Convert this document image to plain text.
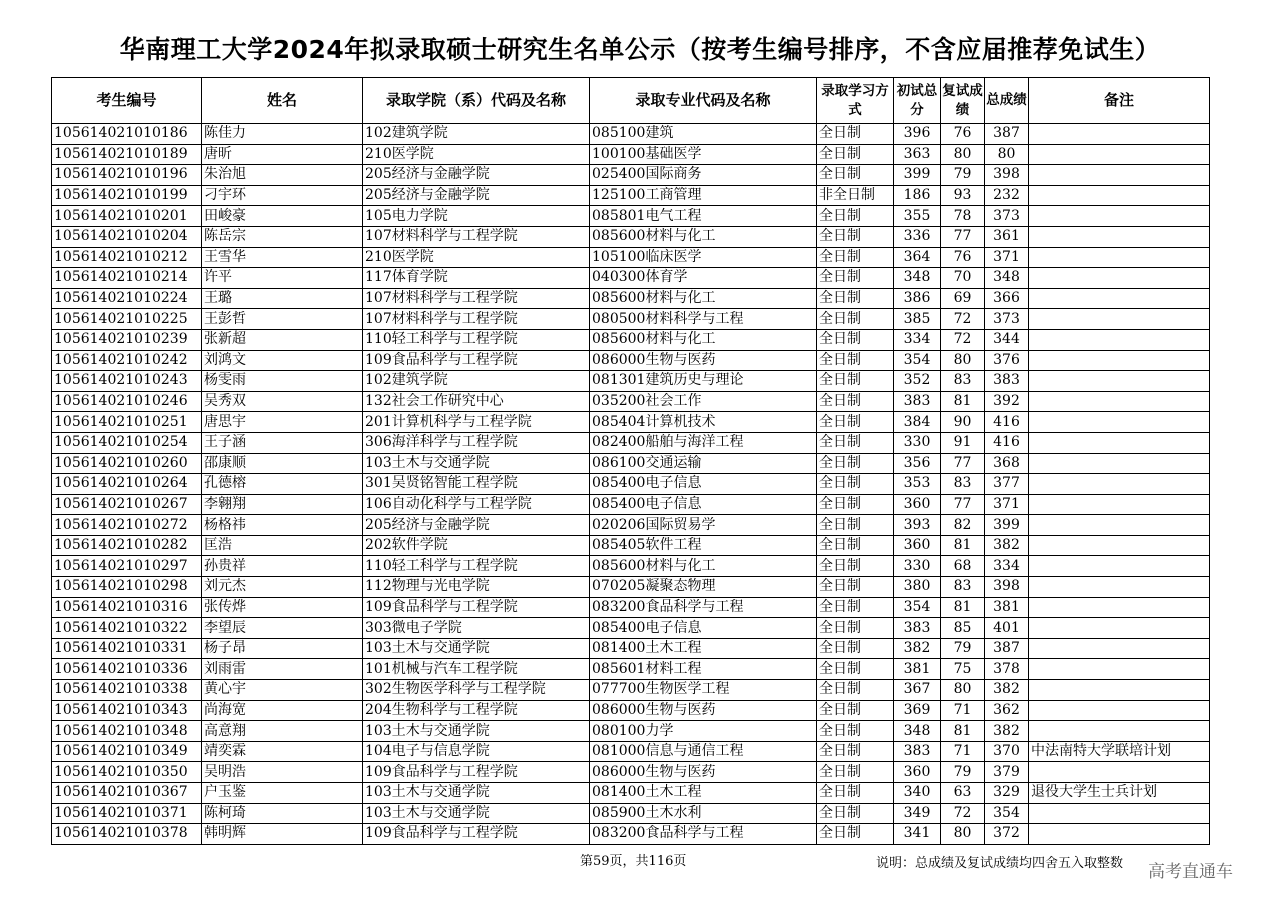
华南理工大学2024年拟录取硕士研究生名单公示（按考生编号排序，不含应届推荐免试生）
考生编号	姓名	录取学院（系）代码及名称	录取专业代码及名称	录取学习方式	初试总分	复试成绩	总成绩	备注
105614021010186	陈佳力	102建筑学院	085100建筑	全日制	396	76	387	
105614021010189	唐昕	210医学院	100100基础医学	全日制	363	80	80	
105614021010196	朱治旭	205经济与金融学院	025400国际商务	全日制	399	79	398	
105614021010199	刁宇环	205经济与金融学院	125100工商管理	非全日制	186	93	232	
105614021010201	田峻豪	105电力学院	085801电气工程	全日制	355	78	373	
105614021010204	陈岳宗	107材料科学与工程学院	085600材料与化工	全日制	336	77	361	
105614021010212	王雪华	210医学院	105100临床医学	全日制	364	76	371	
105614021010214	许平	117体育学院	040300体育学	全日制	348	70	348	
105614021010224	王璐	107材料科学与工程学院	085600材料与化工	全日制	386	69	366	
105614021010225	王彭哲	107材料科学与工程学院	080500材料科学与工程	全日制	385	72	373	
105614021010239	张新超	110轻工科学与工程学院	085600材料与化工	全日制	334	72	344	
105614021010242	刘鸿文	109食品科学与工程学院	086000生物与医药	全日制	354	80	376	
105614021010243	杨雯雨	102建筑学院	081301建筑历史与理论	全日制	352	83	383	
105614021010246	吴秀双	132社会工作研究中心	035200社会工作	全日制	383	81	392	
105614021010251	唐思宇	201计算机科学与工程学院	085404计算机技术	全日制	384	90	416	
105614021010254	王子涵	306海洋科学与工程学院	082400船舶与海洋工程	全日制	330	91	416	
105614021010260	邵康顺	103土木与交通学院	086100交通运输	全日制	356	77	368	
105614021010264	孔德榕	301吴贤铭智能工程学院	085400电子信息	全日制	353	83	377	
105614021010267	李翱翔	106自动化科学与工程学院	085400电子信息	全日制	360	77	371	
105614021010272	杨格祎	205经济与金融学院	020206国际贸易学	全日制	393	82	399	
105614021010282	匡浩	202软件学院	085405软件工程	全日制	360	81	382	
105614021010297	孙贵祥	110轻工科学与工程学院	085600材料与化工	全日制	330	68	334	
105614021010298	刘元杰	112物理与光电学院	070205凝聚态物理	全日制	380	83	398	
105614021010316	张传烨	109食品科学与工程学院	083200食品科学与工程	全日制	354	81	381	
105614021010322	李望辰	303微电子学院	085400电子信息	全日制	383	85	401	
105614021010331	杨子昂	103土木与交通学院	081400土木工程	全日制	382	79	387	
105614021010336	刘雨雷	101机械与汽车工程学院	085601材料工程	全日制	381	75	378	
105614021010338	黄心宇	302生物医学科学与工程学院	077700生物医学工程	全日制	367	80	382	
105614021010343	尚海宽	204生物科学与工程学院	086000生物与医药	全日制	369	71	362	
105614021010348	高意翔	103土木与交通学院	080100力学	全日制	348	81	382	
105614021010349	靖奕霖	104电子与信息学院	081000信息与通信工程	全日制	383	71	370	中法南特大学联培计划
105614021010350	吴明浩	109食品科学与工程学院	086000生物与医药	全日制	360	79	379	
105614021010367	户玉鉴	103土木与交通学院	081400土木工程	全日制	340	63	329	退役大学生士兵计划
105614021010371	陈柯琦	103土木与交通学院	085900土木水利	全日制	349	72	354	
105614021010378	韩明辉	109食品科学与工程学院	083200食品科学与工程	全日制	341	80	372	
第59页，共116页	说明：总成绩及复试成绩均四舍五入取整数 高考直通车
